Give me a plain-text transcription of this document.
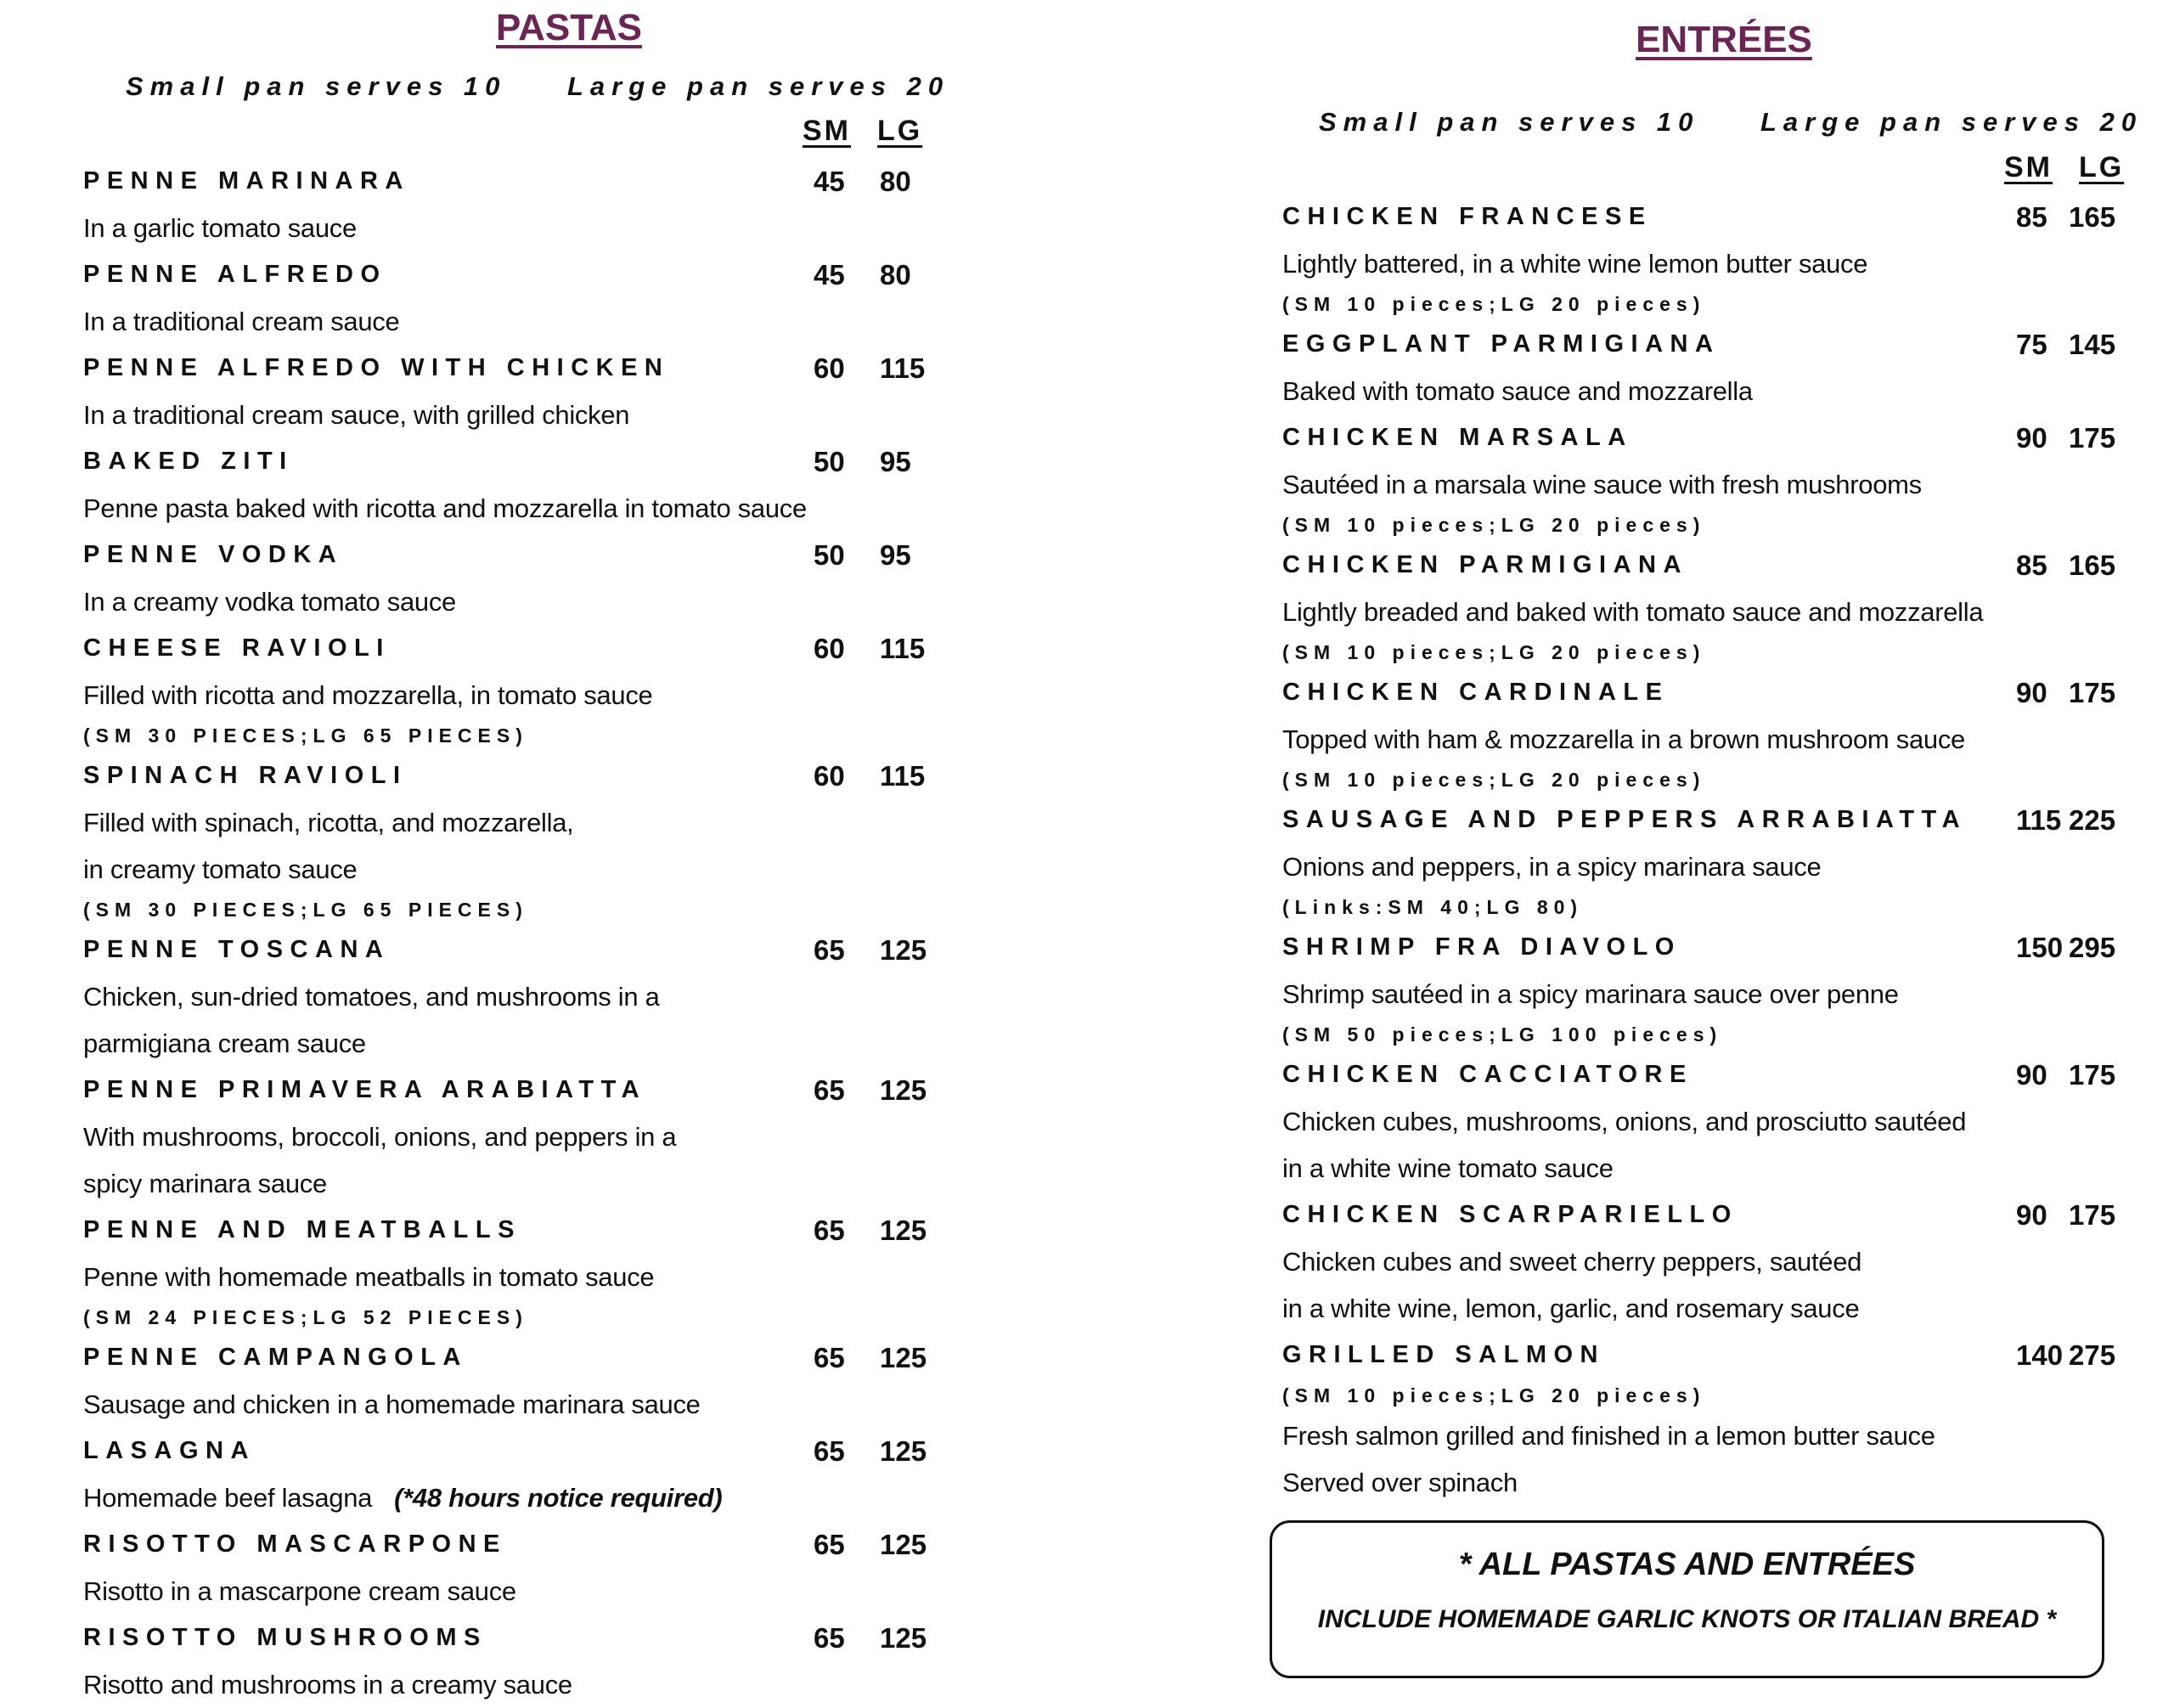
PASTAS
Small pan serves 10 Large pan serves 20
SM LG
PENNE MARINARA
In a garlic tomato sauce
45 80
PENNE ALFREDO
In a traditional cream sauce
45 80
PENNE ALFREDO WITH CHICKEN
In a traditional cream sauce, with grilled chicken
60 115
BAKED ZITI
Penne pasta baked with ricotta and mozzarella in tomato sauce
50 95
PENNE VODKA
In a creamy vodka tomato sauce
50 95
CHEESE RAVIOLI
Filled with ricotta and mozzarella, in tomato sauce
(SM 30 PIECES;LG 65 PIECES)
60 115
SPINACH RAVIOLI
Filled with spinach, ricotta, and mozzarella,
in creamy tomato sauce
(SM 30 PIECES;LG 65 PIECES)
60 115
PENNE TOSCANA
Chicken, sun-dried tomatoes, and mushrooms in a
parmigiana cream sauce
65 125
PENNE PRIMAVERA ARABIATTA
With mushrooms, broccoli, onions, and peppers in a
spicy marinara sauce
65 125
PENNE AND MEATBALLS
Penne with homemade meatballs in tomato sauce
(SM 24 PIECES;LG 52 PIECES)
65 125
PENNE CAMPANGOLA
Sausage and chicken in a homemade marinara sauce
65 125
LASAGNA
Homemade beef lasagna (*48 hours notice required)
65 125
RISOTTO MASCARPONE
Risotto in a mascarpone cream sauce
65 125
RISOTTO MUSHROOMS
Risotto and mushrooms in a creamy sauce
65 125
ENTRÉES
Small pan serves 10 Large pan serves 20
SM LG
CHICKEN FRANCESE
Lightly battered, in a white wine lemon butter sauce
(SM 10 pieces;LG 20 pieces)
85 165
EGGPLANT PARMIGIANA
Baked with tomato sauce and mozzarella
75 145
CHICKEN MARSALA
Sautéed in a marsala wine sauce with fresh mushrooms
(SM 10 pieces;LG 20 pieces)
90 175
CHICKEN PARMIGIANA
Lightly breaded and baked with tomato sauce and mozzarella
(SM 10 pieces;LG 20 pieces)
85 165
CHICKEN CARDINALE
Topped with ham & mozzarella in a brown mushroom sauce
(SM 10 pieces;LG 20 pieces)
90 175
SAUSAGE AND PEPPERS ARRABIATTA
Onions and peppers, in a spicy marinara sauce
(Links:SM 40;LG 80)
115 225
SHRIMP FRA DIAVOLO
Shrimp sautéed in a spicy marinara sauce over penne
(SM 50 pieces;LG 100 pieces)
150 295
CHICKEN CACCIATORE
Chicken cubes, mushrooms, onions, and prosciutto sautéed
in a white wine tomato sauce
90 175
CHICKEN SCARPARIELLO
Chicken cubes and sweet cherry peppers, sautéed
in a white wine, lemon, garlic, and rosemary sauce
90 175
GRILLED SALMON
(SM 10 pieces;LG 20 pieces)
Fresh salmon grilled and finished in a lemon butter sauce
Served over spinach
140 275
* ALL PASTAS AND ENTRÉES
INCLUDE HOMEMADE GARLIC KNOTS OR ITALIAN BREAD *
